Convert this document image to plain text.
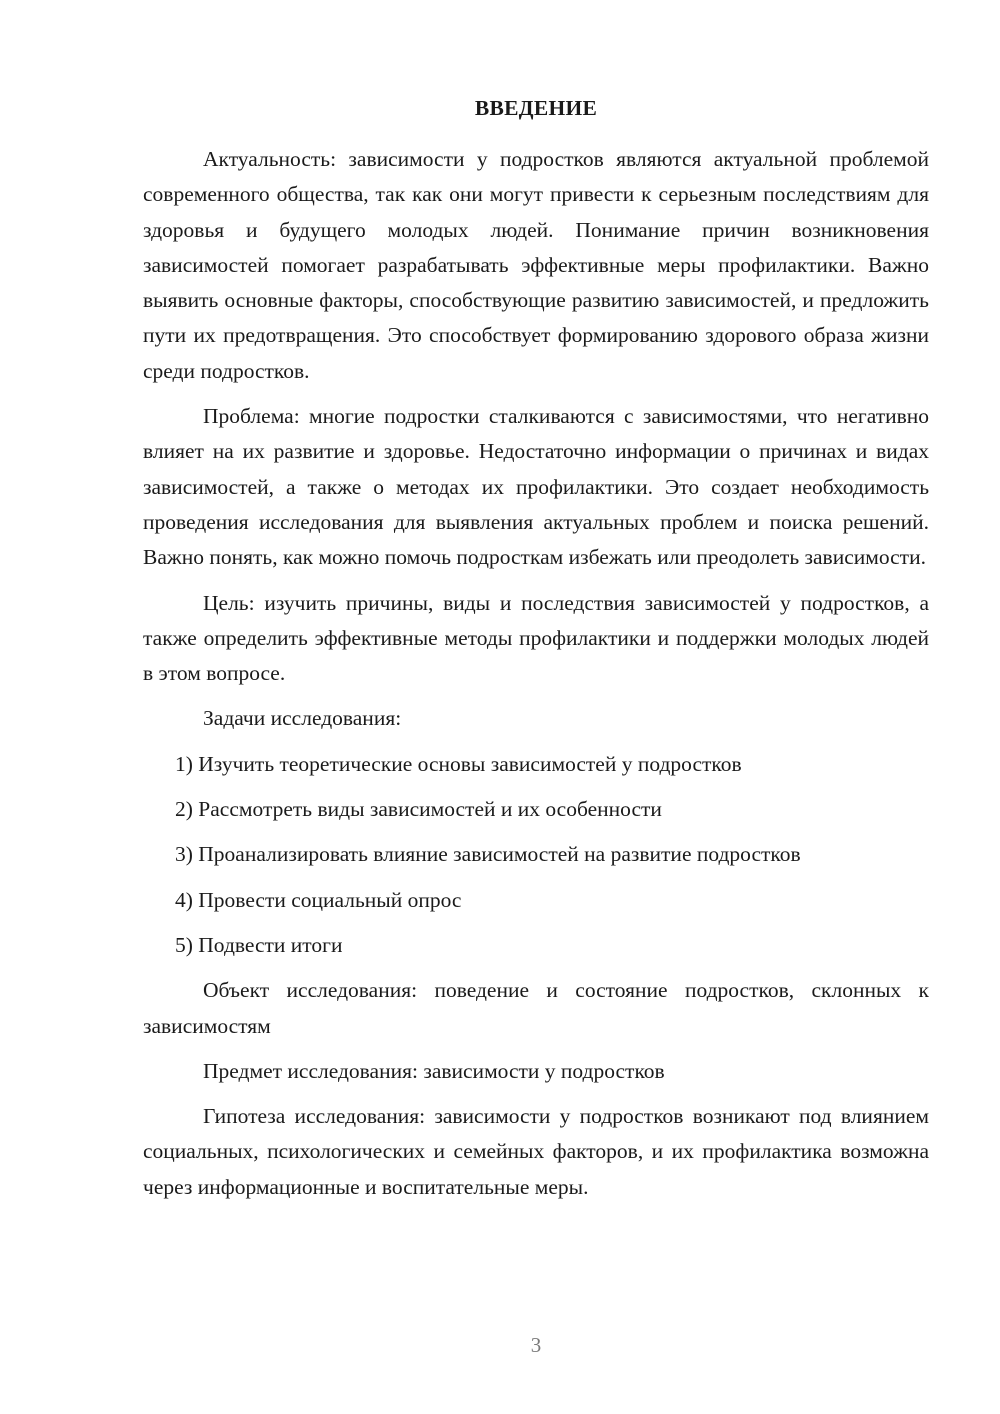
ВВЕДЕНИЕ

Актуальность: зависимости у подростков являются актуальной проблемой современного общества, так как они могут привести к серьезным последствиям для здоровья и будущего молодых людей. Понимание причин возникновения зависимостей помогает разрабатывать эффективные меры профилактики. Важно выявить основные факторы, способствующие развитию зависимостей, и предложить пути их предотвращения. Это способствует формированию здорового образа жизни среди подростков.

Проблема: многие подростки сталкиваются с зависимостями, что негативно влияет на их развитие и здоровье. Недостаточно информации о причинах и видах зависимостей, а также о методах их профилактики. Это создает необходимость проведения исследования для выявления актуальных проблем и поиска решений. Важно понять, как можно помочь подросткам избежать или преодолеть зависимости.

Цель: изучить причины, виды и последствия зависимостей у подростков, а также определить эффективные методы профилактики и поддержки молодых людей в этом вопросе.

Задачи исследования:

1) Изучить теоретические основы зависимостей у подростков

2) Рассмотреть виды зависимостей и их особенности

3) Проанализировать влияние зависимостей на развитие подростков

4) Провести социальный опрос

5) Подвести итоги

Объект исследования: поведение и состояние подростков, склонных к зависимостям

Предмет исследования: зависимости у подростков

Гипотеза исследования: зависимости у подростков возникают под влиянием социальных, психологических и семейных факторов, и их профилактика возможна через информационные и воспитательные меры.

3
